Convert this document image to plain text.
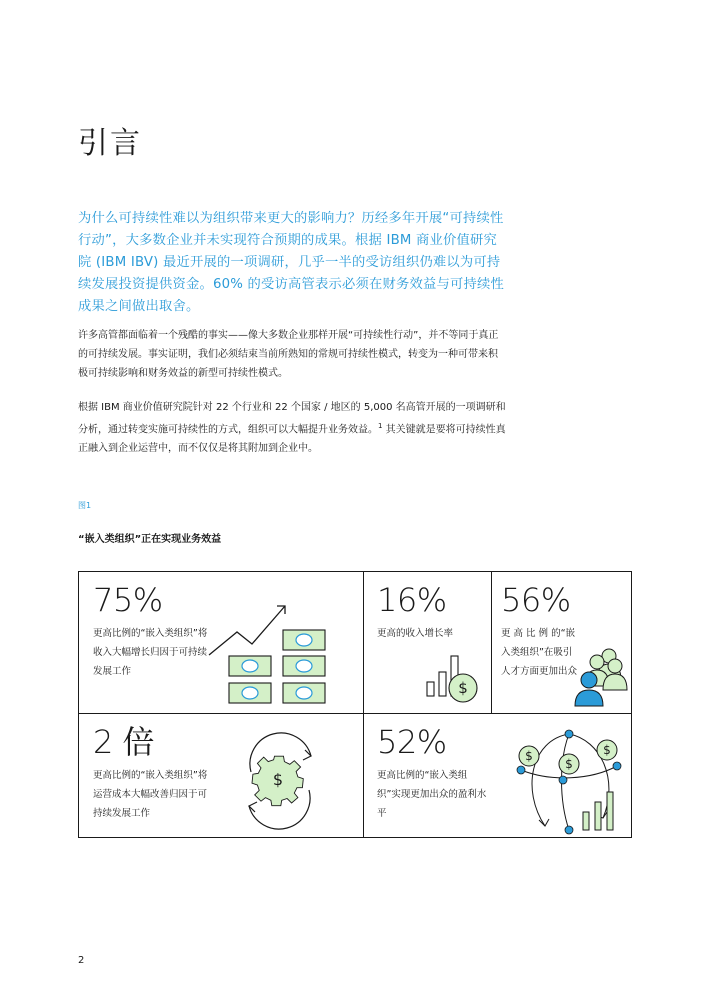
引言
为什么可持续性难以为组织带来更大的影响力？历经多年开展“可持续性行动”，大多数企业并未实现符合预期的成果。根据 IBM 商业价值研究院 (IBM IBV) 最近开展的一项调研，几乎一半的受访组织仍难以为可持续发展投资提供资金。60% 的受访高管表示必须在财务效益与可持续性成果之间做出取舍。
许多高管都面临着一个残酷的事实——像大多数企业那样开展“可持续性行动”，并不等同于真正的可持续发展。事实证明，我们必须结束当前所熟知的常规可持续性模式，转变为一种可带来积极可持续影响和财务效益的新型可持续性模式。
根据 IBM 商业价值研究院针对 22 个行业和 22 个国家 / 地区的 5,000 名高管开展的一项调研和分析，通过转变实施可持续性的方式，组织可以大幅提升业务效益。$^1$ 其关键就是要将可持续性真正融入到企业运营中，而不仅仅是将其附加到企业中。
图1
“嵌入类组织”正在实现业务效益
75%
更高比例的“嵌入类组织”将收入大幅增长归因于可持续发展工作
16%
更高的收入增长率
$
56%
更 高 比 例 的“嵌入类组织”在吸引人才方面更加出众
2 倍
更高比例的“嵌入类组织”将运营成本大幅改善归因于可持续发展工作
$
52%
更高比例的“嵌入类组织”实现更加出众的盈利水平
$
$
$
2
